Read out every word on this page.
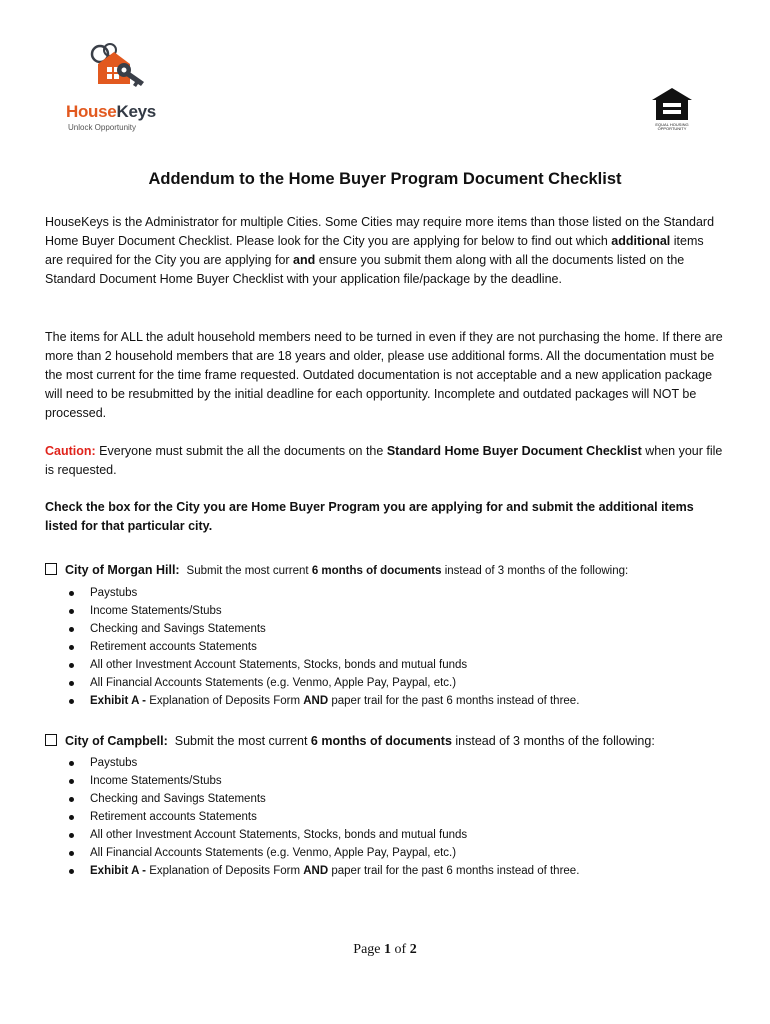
HouseKeys
Unlock Opportunity	EQUAL HOUSING
OPPORTUNITY
Addendum to the Home Buyer Program Document Checklist
HouseKeys is the Administrator for multiple Cities. Some Cities may require more items than those listed on the Standard Home Buyer Document Checklist. Please look for the City you are applying for below to find out which additional items are required for the City you are applying for and ensure you submit them along with all the documents listed on the Standard Document Home Buyer Checklist with your application file/package by the deadline.
The items for ALL the adult household members need to be turned in even if they are not purchasing the home. If there are more than 2 household members that are 18 years and older, please use additional forms. All the documentation must be the most current for the time frame requested. Outdated documentation is not acceptable and a new application package will need to be resubmitted by the initial deadline for each opportunity. Incomplete and outdated packages will NOT be processed.
Caution: Everyone must submit the all the documents on the Standard Home Buyer Document Checklist when your file is requested.
Check the box for the City you are Home Buyer Program you are applying for and submit the additional items listed for that particular city.
City of Morgan Hill: Submit the most current 6 months of documents instead of 3 months of the following:
Paystubs
Income Statements/Stubs
Checking and Savings Statements
Retirement accounts Statements
All other Investment Account Statements, Stocks, bonds and mutual funds
All Financial Accounts Statements (e.g. Venmo, Apple Pay, Paypal, etc.)
Exhibit A - Explanation of Deposits Form AND paper trail for the past 6 months instead of three.
City of Campbell: Submit the most current 6 months of documents instead of 3 months of the following:
Paystubs
Income Statements/Stubs
Checking and Savings Statements
Retirement accounts Statements
All other Investment Account Statements, Stocks, bonds and mutual funds
All Financial Accounts Statements (e.g. Venmo, Apple Pay, Paypal, etc.)
Exhibit A - Explanation of Deposits Form AND paper trail for the past 6 months instead of three.
Page 1 of 2
